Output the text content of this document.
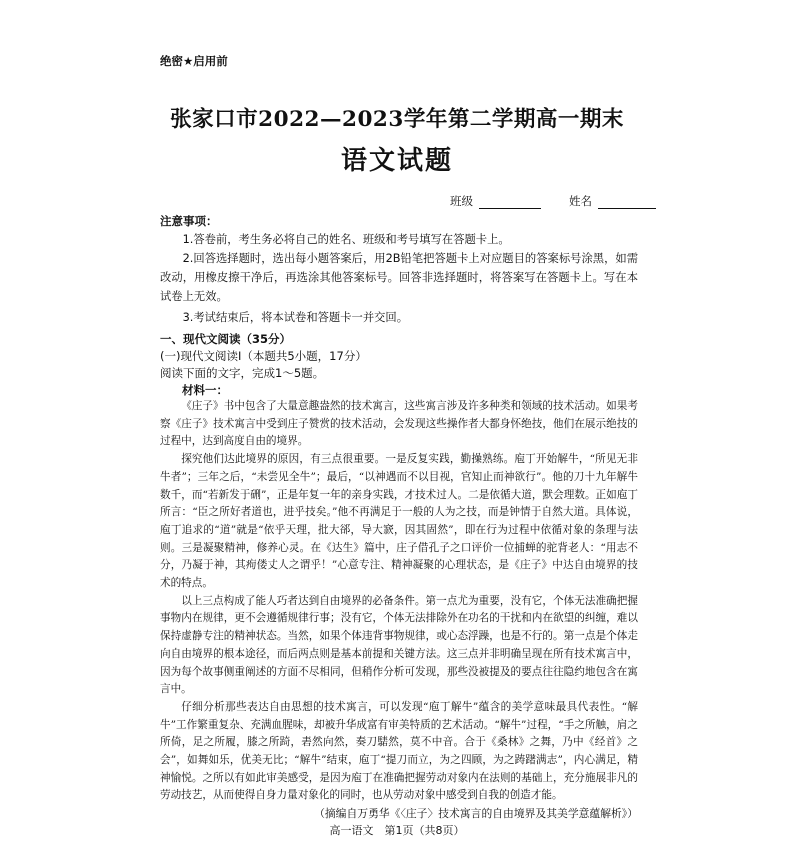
绝密★启用前
张家口市2022—2023学年第二学期高一期末
语文试题
班级	姓名
注意事项：

1.答卷前，考生务必将自己的姓名、班级和考号填写在答题卡上。

2.回答选择题时，选出每小题答案后，用2B铅笔把答题卡上对应题目的答案标号涂黑，如需改动，用橡皮擦干净后，再选涂其他答案标号。回答非选择题时，将答案写在答题卡上。写在本试卷上无效。

3.考试结束后，将本试卷和答题卡一并交回。

一、现代文阅读（35分）
(一)现代文阅读Ⅰ（本题共5小题，17分）
阅读下面的文字，完成1～5题。
材料一：

《庄子》书中包含了大量意趣盎然的技术寓言，这些寓言涉及许多种类和领域的技术活动。如果考察《庄子》技术寓言中受到庄子赞赏的技术活动，会发现这些操作者大都身怀绝技，他们在展示绝技的过程中，达到高度自由的境界。

探究他们达此境界的原因，有三点很重要。一是反复实践，勤操熟练。庖丁开始解牛，“所见无非牛者”；三年之后，“未尝见全牛”；最后，“以神遇而不以目视，官知止而神欲行”。他的刀十九年解牛数千，而“若新发于硎”，正是年复一年的亲身实践，才技术过人。二是依循大道，默会理数。正如庖丁所言：“臣之所好者道也，进乎技矣。”他不再满足于一般的人为之技，而是钟情于自然大道。具体说，庖丁追求的“道”就是“依乎天理，批大郤，导大窾，因其固然”，即在行为过程中依循对象的条理与法则。三是凝聚精神，修养心灵。在《达生》篇中，庄子借孔子之口评价一位捕蝉的驼背老人：“用志不分，乃凝于神，其痀偻丈人之谓乎！”心意专注、精神凝聚的心理状态，是《庄子》中达自由境界的技术的特点。

以上三点构成了能人巧者达到自由境界的必备条件。第一点尤为重要，没有它，个体无法准确把握事物内在规律，更不会遵循规律行事；没有它，个体无法排除外在功名的干扰和内在欲望的纠缠，难以保持虚静专注的精神状态。当然，如果个体违背事物规律，或心态浮躁，也是不行的。第一点是个体走向自由境界的根本途径，而后两点则是基本前提和关键方法。这三点并非明确呈现在所有技术寓言中，因为每个故事侧重阐述的方面不尽相同，但稍作分析可发现，那些没被提及的要点往往隐约地包含在寓言中。

仔细分析那些表达自由思想的技术寓言，可以发现“庖丁解牛”蕴含的美学意味最具代表性。“解牛”工作繁重复杂、充满血腥味，却被升华成富有审美特质的艺术活动。“解牛”过程，“手之所触，肩之所倚，足之所履，膝之所踦，砉然向然，奏刀騞然，莫不中音。合于《桑林》之舞，乃中《经首》之会”，如舞如乐，优美无比；“解牛”结束，庖丁“提刀而立，为之四顾，为之踌躇满志”，内心满足，精神愉悦。之所以有如此审美感受，是因为庖丁在准确把握劳动对象内在法则的基础上，充分施展非凡的劳动技艺，从而使得自身力量对象化的同时，也从劳动对象中感受到自我的创造才能。

（摘编自万勇华《〈庄子〉技术寓言的自由境界及其美学意蕴解析》）

高一语文　第1页（共8页）
